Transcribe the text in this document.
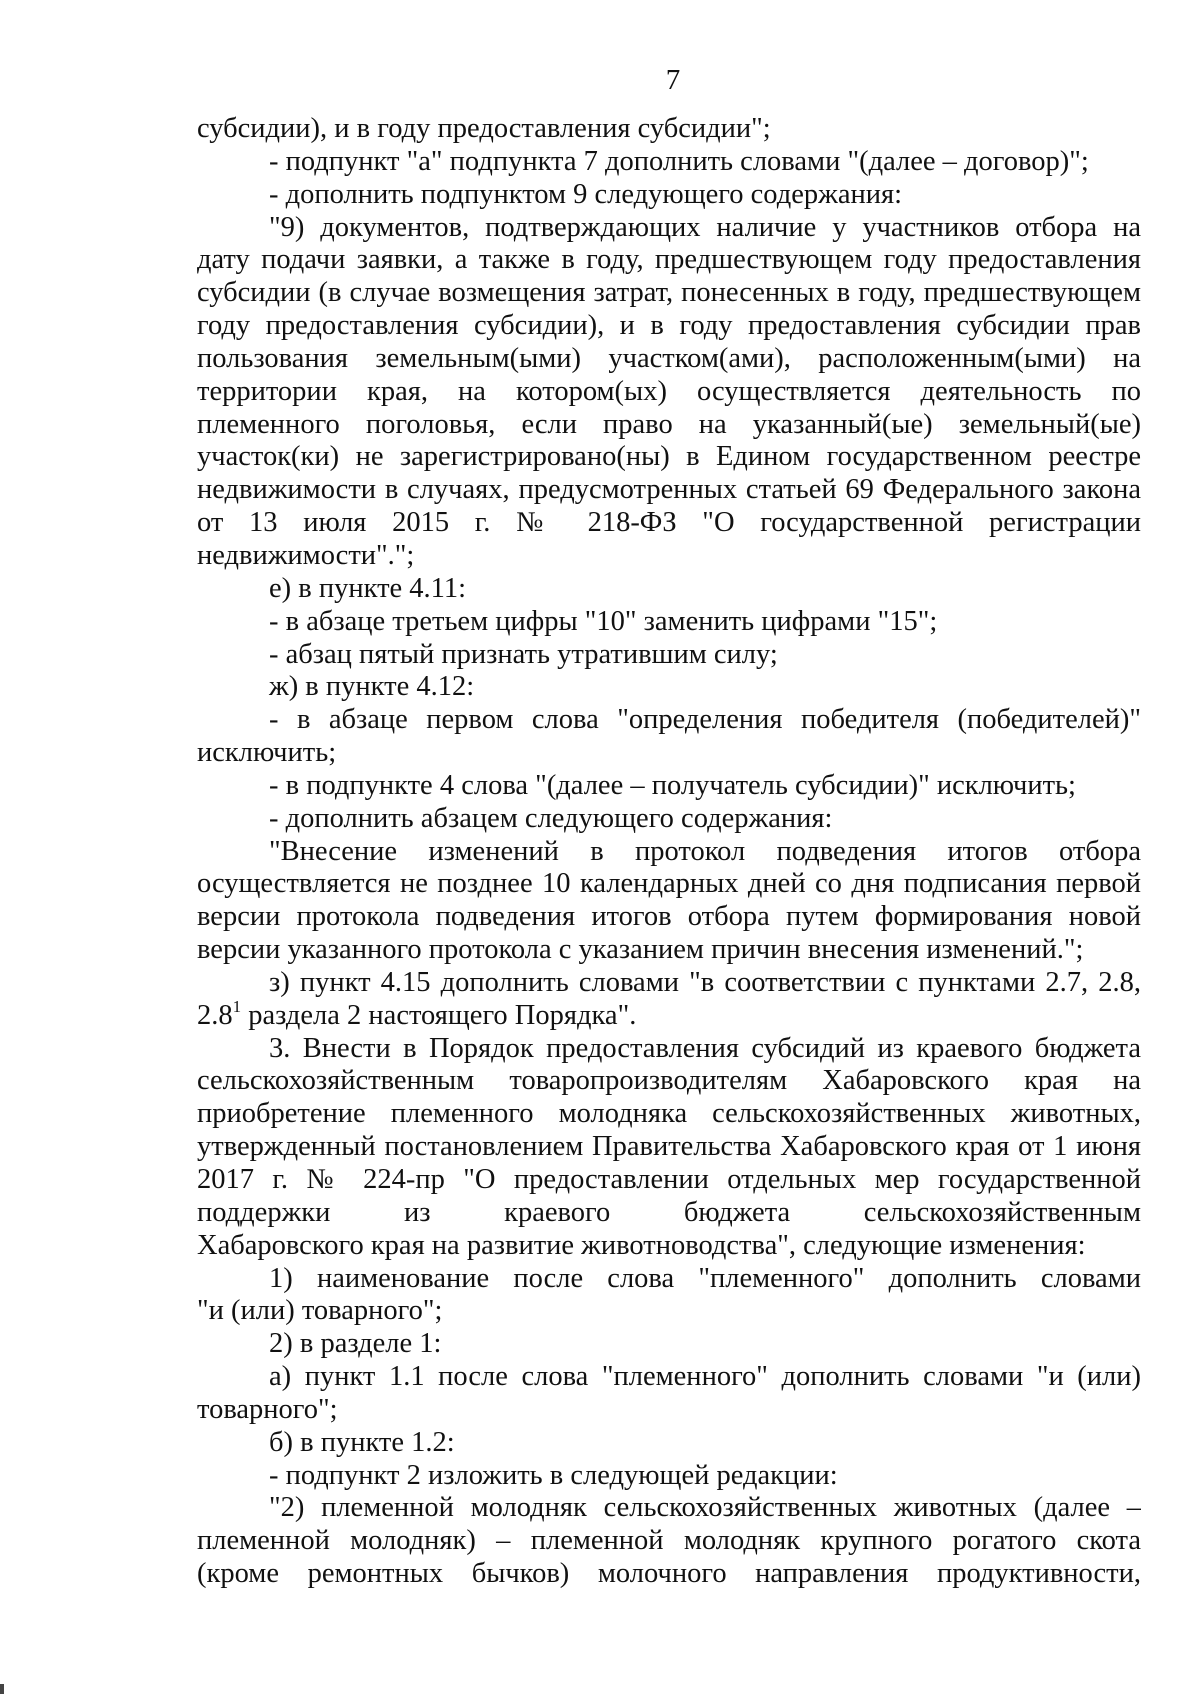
7
субсидии), и в году предоставления субсидии";
- подпункт "а" подпункта 7 дополнить словами "(далее – договор)";
- дополнить подпунктом 9 следующего содержания:
"9) документов, подтверждающих наличие у участников отбора на
дату подачи заявки, а также в году, предшествующем году предоставления
субсидии (в случае возмещения затрат, понесенных в году, предшествующем
году предоставления субсидии), и в году предоставления субсидии прав
пользования земельным(ыми) участком(ами), расположенным(ыми) на
территории края, на котором(ых) осуществляется деятельность по
племенного поголовья, если право на указанный(ые) земельный(ые)
участок(ки) не зарегистрировано(ны) в Едином государственном реестре
недвижимости в случаях, предусмотренных статьей 69 Федерального закона
от 13 июля 2015 г. № 218-ФЗ "О государственной регистрации
недвижимости".";
е) в пункте 4.11:
- в абзаце третьем цифры "10" заменить цифрами "15";
- абзац пятый признать утратившим силу;
ж) в пункте 4.12:
- в абзаце первом слова "определения победителя (победителей)"
исключить;
- в подпункте 4 слова "(далее – получатель субсидии)" исключить;
- дополнить абзацем следующего содержания:
"Внесение изменений в протокол подведения итогов отбора
осуществляется не позднее 10 календарных дней со дня подписания первой
версии протокола подведения итогов отбора путем формирования новой
версии указанного протокола с указанием причин внесения изменений.";
з) пункт 4.15 дополнить словами "в соответствии с пунктами 2.7, 2.8,
$2.8^1$ раздела 2 настоящего Порядка".
3. Внести в Порядок предоставления субсидий из краевого бюджета
сельскохозяйственным товаропроизводителям Хабаровского края на
приобретение племенного молодняка сельскохозяйственных животных,
утвержденный постановлением Правительства Хабаровского края от 1 июня
2017 г. № 224-пр "О предоставлении отдельных мер государственной
поддержки из краевого бюджета сельскохозяйственным
Хабаровского края на развитие животноводства", следующие изменения:
1) наименование после слова "племенного" дополнить словами
"и (или) товарного";
2) в разделе 1:
а) пункт 1.1 после слова "племенного" дополнить словами "и (или)
товарного";
б) в пункте 1.2:
- подпункт 2 изложить в следующей редакции:
"2) племенной молодняк сельскохозяйственных животных (далее –
племенной молодняк) – племенной молодняк крупного рогатого скота
(кроме ремонтных бычков) молочного направления продуктивности,
